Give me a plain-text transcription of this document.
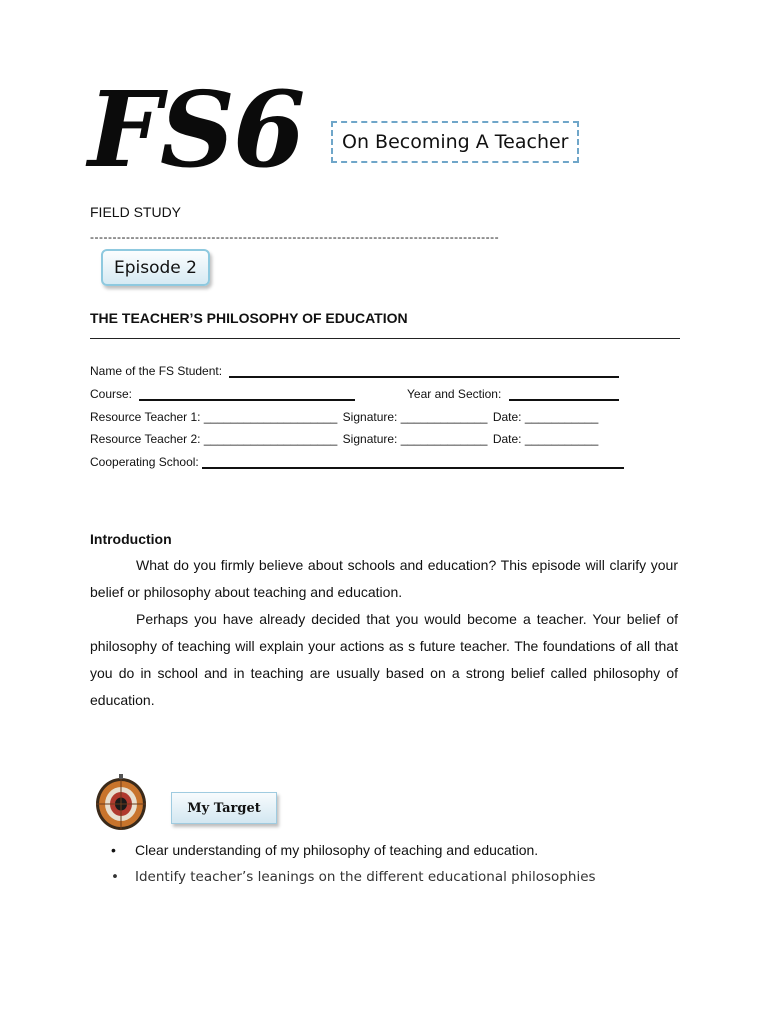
FS6 On Becoming A Teacher
FIELD STUDY
-------------------------------------------------------------------------------------------
Episode 2
THE TEACHER’S PHILOSOPHY OF EDUCATION
Name of the FS Student:
Course:	Year and Section:
Resource Teacher 1: ____________________ Signature: _____________ Date: ___________
Resource Teacher 2: ____________________ Signature: _____________ Date: ___________
Cooperating School:
Introduction
What do you firmly believe about schools and education? This episode will clarify your belief or philosophy about teaching and education.
Perhaps you have already decided that you would become a teacher. Your belief of philosophy of teaching will explain your actions as s future teacher. The foundations of all that you do in school and in teaching are usually based on a strong belief called philosophy of education.
My Target
• Clear understanding of my philosophy of teaching and education.
• Identify teacher’s leanings on the different educational philosophies
